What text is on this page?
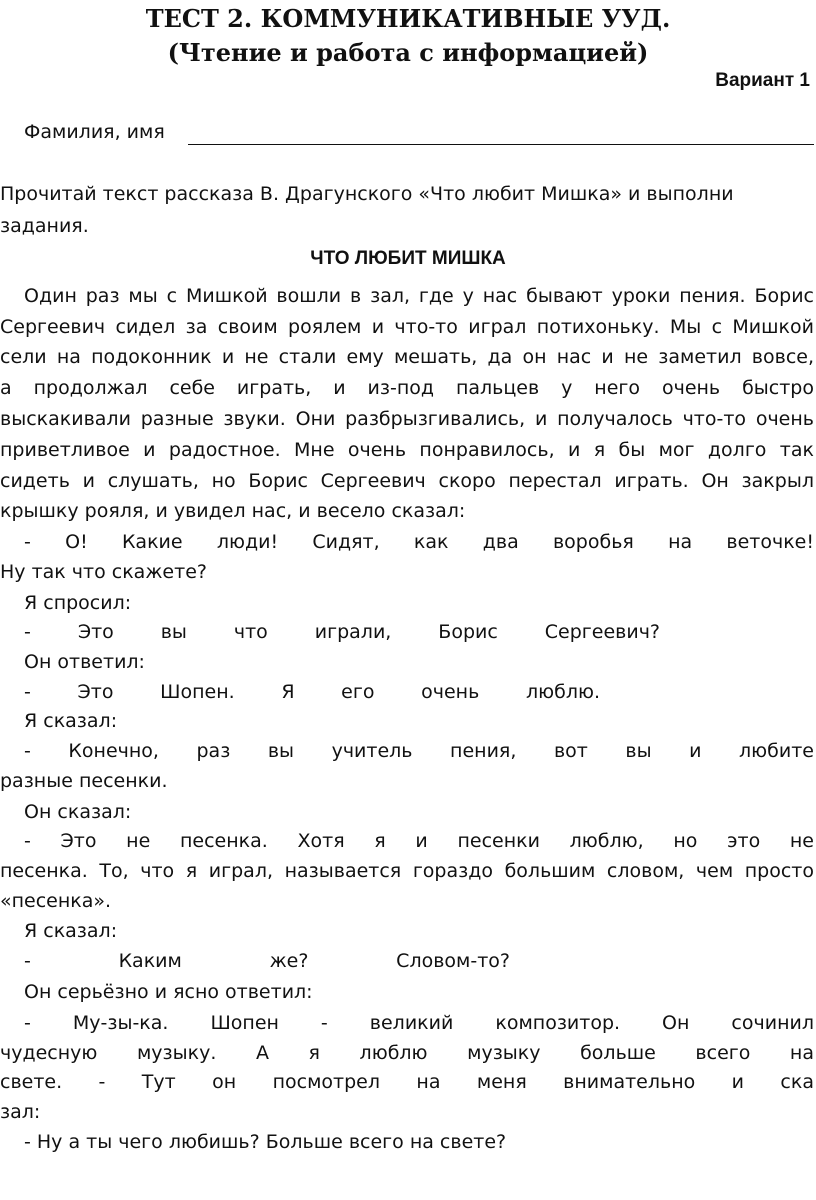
ТЕСТ 2. КОММУНИКАТИВНЫЕ УУД.
(Чтение и работа с информацией)
Вариант 1
Фамилия, имя
Прочитай текст рассказа В. Драгунского «Что любит Мишка» и выполни задания.
ЧТО ЛЮБИТ МИШКА
Один раз мы с Мишкой вошли в зал, где у нас бывают уроки пения. Борис
Сергеевич сидел за своим роялем и что-то играл потихоньку. Мы с Мишкой
сели на подоконник и не стали ему мешать, да он нас и не заметил вовсе,
а продолжал себе играть, и из-под пальцев у него очень быстро
выскакивали разные звуки. Они разбрызгивались, и получалось что-то очень
приветливое и радостное. Мне очень понравилось, и я бы мог долго так
сидеть и слушать, но Борис Сергеевич скоро перестал играть. Он закрыл
крышку рояля, и увидел нас, и весело сказал:
- О! Какие люди! Сидят, как два воробья на веточке!
Ну так что скажете?
Я спросил:
- Это вы что играли, Борис Сергеевич?
Он ответил:
- Это Шопен. Я его очень люблю.
Я сказал:
- Конечно, раз вы учитель пения, вот вы и любите
разные песенки.
Он сказал:
- Это не песенка. Хотя я и песенки люблю, но это не
песенка. То, что я играл, называется гораздо большим словом, чем просто
«песенка».
Я сказал:
- Каким же? Словом-то?
Он серьёзно и ясно ответил:
- Му-зы-ка. Шопен - великий композитор. Он сочинил
чудесную музыку. А я люблю музыку больше всего на
свете. - Тут он посмотрел на меня внимательно и ска
зал:
- Ну а ты чего любишь? Больше всего на свете?
